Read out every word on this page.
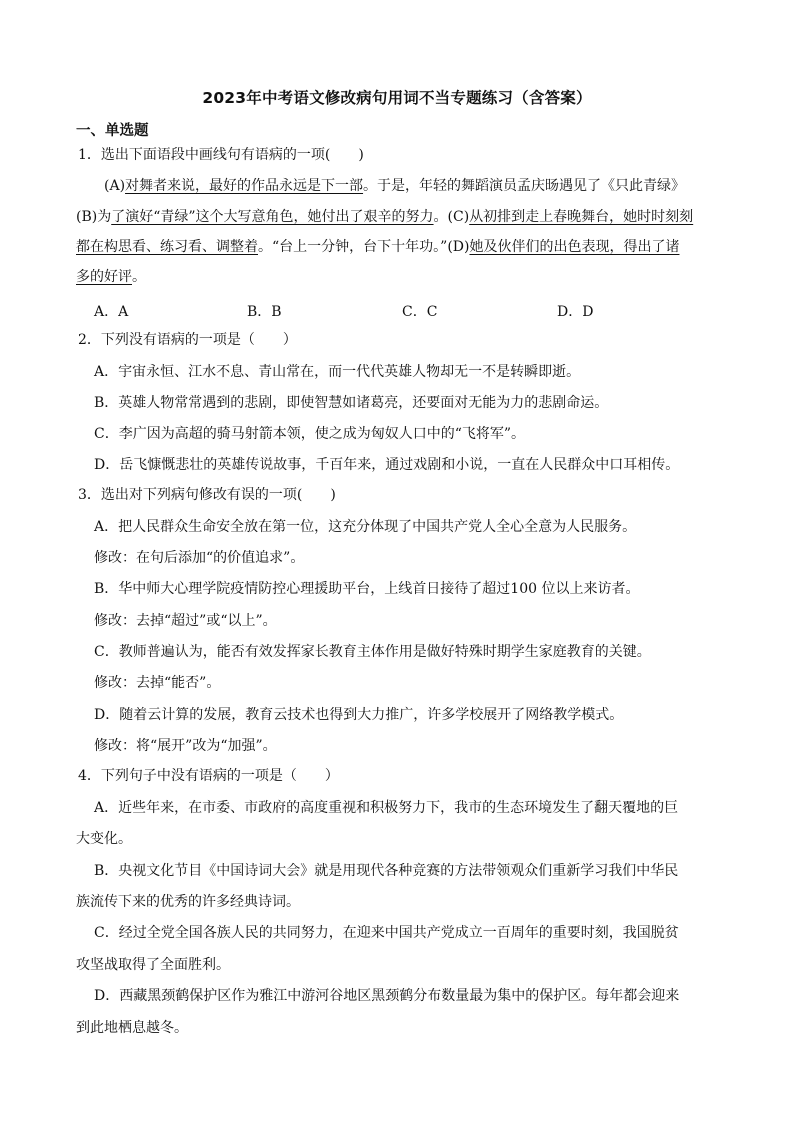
2023年中考语文修改病句用词不当专题练习（含答案）
一、单选题
1．选出下面语段中画线句有语病的一项(　　)
(A)对舞者来说，最好的作品永远是下一部。于是，年轻的舞蹈演员孟庆旸遇见了《只此青绿》
(B)为了演好“青绿”这个大写意角色，她付出了艰辛的努力。(C)从初排到走上春晚舞台，她时时刻刻
都在构思看、练习看、调整着。“台上一分钟，台下十年功。”(D)她及伙伴们的出色表现，得出了诸
多的好评。
A．A	B．B	C．C	D．D
2．下列没有语病的一项是（　　）
A．宇宙永恒、江水不息、青山常在，而一代代英雄人物却无一不是转瞬即逝。
B．英雄人物常常遇到的悲剧，即使智慧如诸葛亮，还要面对无能为力的悲剧命运。
C．李广因为高超的骑马射箭本领，使之成为匈奴人口中的“飞将军”。
D．岳飞慷慨悲壮的英雄传说故事，千百年来，通过戏剧和小说，一直在人民群众中口耳相传。
3．选出对下列病句修改有误的一项(　　)
A．把人民群众生命安全放在第一位，这充分体现了中国共产党人全心全意为人民服务。
修改：在句后添加“的价值追求”。
B．华中师大心理学院疫情防控心理援助平台，上线首日接待了超过100 位以上来访者。
修改：去掉“超过”或“以上”。
C．教师普遍认为，能否有效发挥家长教育主体作用是做好特殊时期学生家庭教育的关键。
修改：去掉“能否”。
D．随着云计算的发展，教育云技术也得到大力推广，许多学校展开了网络教学模式。
修改：将“展开”改为“加强”。
4．下列句子中没有语病的一项是（　　）
A．近些年来，在市委、市政府的高度重视和积极努力下，我市的生态环境发生了翻天覆地的巨
大变化。
B．央视文化节目《中国诗词大会》就是用现代各种竞赛的方法带领观众们重新学习我们中华民
族流传下来的优秀的许多经典诗词。
C．经过全党全国各族人民的共同努力，在迎来中国共产党成立一百周年的重要时刻，我国脱贫
攻坚战取得了全面胜利。
D．西藏黑颈鹤保护区作为雅江中游河谷地区黑颈鹤分布数量最为集中的保护区。每年都会迎来
到此地栖息越冬。
